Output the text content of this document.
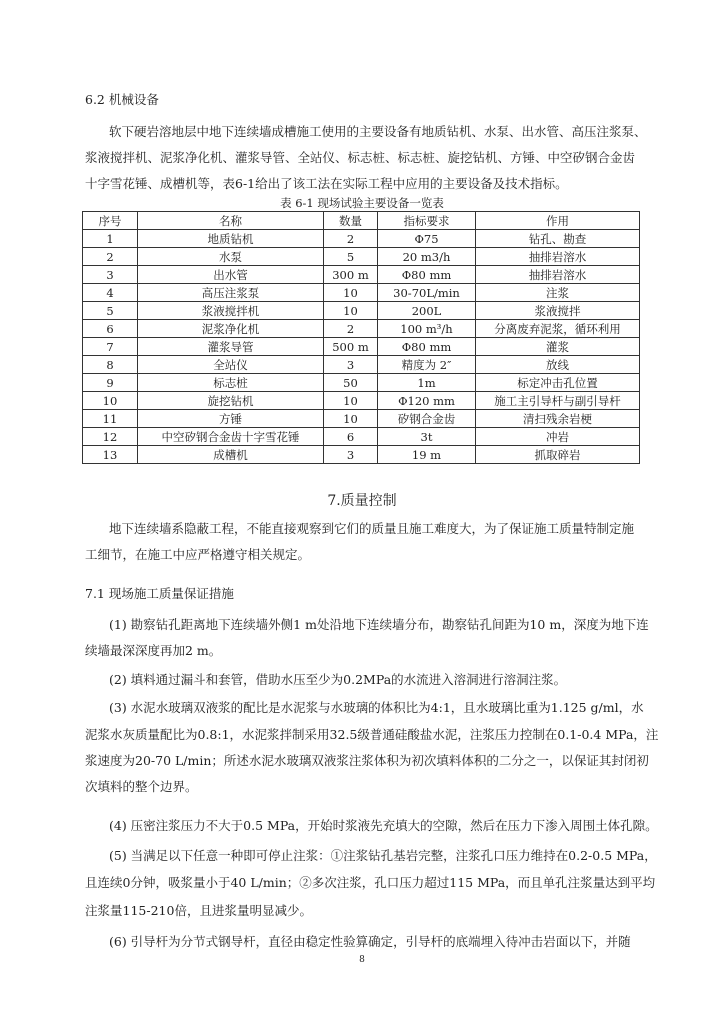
6.2 机械设备
软下硬岩溶地层中地下连续墙成槽施工使用的主要设备有地质钻机、水泵、出水管、高压注浆泵、
浆液搅拌机、泥浆净化机、灌浆导管、全站仪、标志桩、标志桩、旋挖钻机、方锤、中空矽钢合金齿
十字雪花锤、成槽机等，表6-1给出了该工法在实际工程中应用的主要设备及技术指标。
表 6-1 现场试验主要设备一览表
序号	名称	数量	指标要求	作用
1	地质钻机	2	Φ75	钻孔、勘查
2	水泵	5	20 m3/h	抽排岩溶水
3	出水管	300 m	Φ80 mm	抽排岩溶水
4	高压注浆泵	10	30-70L/min	注浆
5	浆液搅拌机	10	200L	浆液搅拌
6	泥浆净化机	2	100 m³/h	分离废弃泥浆，循环利用
7	灌浆导管	500 m	Φ80 mm	灌浆
8	全站仪	3	精度为 2″	放线
9	标志桩	50	1m	标定冲击孔位置
10	旋挖钻机	10	Φ120 mm	施工主引导杆与副引导杆
11	方锤	10	矽钢合金齿	清扫残余岩梗
12	中空矽钢合金齿十字雪花锤	6	3t	冲岩
13	成槽机	3	19 m	抓取碎岩
7.质量控制
地下连续墙系隐蔽工程，不能直接观察到它们的质量且施工难度大，为了保证施工质量特制定施
工细节，在施工中应严格遵守相关规定。
7.1 现场施工质量保证措施
(1) 勘察钻孔距离地下连续墙外侧1 m处沿地下连续墙分布，勘察钻孔间距为10 m，深度为地下连
续墙最深深度再加2 m。
(2) 填料通过漏斗和套管，借助水压至少为0.2MPa的水流进入溶洞进行溶洞注浆。
(3) 水泥水玻璃双液浆的配比是水泥浆与水玻璃的体积比为4:1，且水玻璃比重为1.125 g/ml，水
泥浆水灰质量配比为0.8:1，水泥浆拌制采用32.5级普通硅酸盐水泥，注浆压力控制在0.1-0.4 MPa，注
浆速度为20-70 L/min；所述水泥水玻璃双液浆注浆体积为初次填料体积的二分之一，以保证其封闭初
次填料的整个边界。
(4) 压密注浆压力不大于0.5 MPa，开始时浆液先充填大的空隙，然后在压力下渗入周围土体孔隙。
(5) 当满足以下任意一种即可停止注浆：①注浆钻孔基岩完整，注浆孔口压力维持在0.2-0.5 MPa，
且连续0分钟，吸浆量小于40 L/min；②多次注浆，孔口压力超过115 MPa，而且单孔注浆量达到平均
注浆量115-210倍，且进浆量明显减少。
(6) 引导杆为分节式钢导杆，直径由稳定性验算确定，引导杆的底端埋入待冲击岩面以下，并随
8
